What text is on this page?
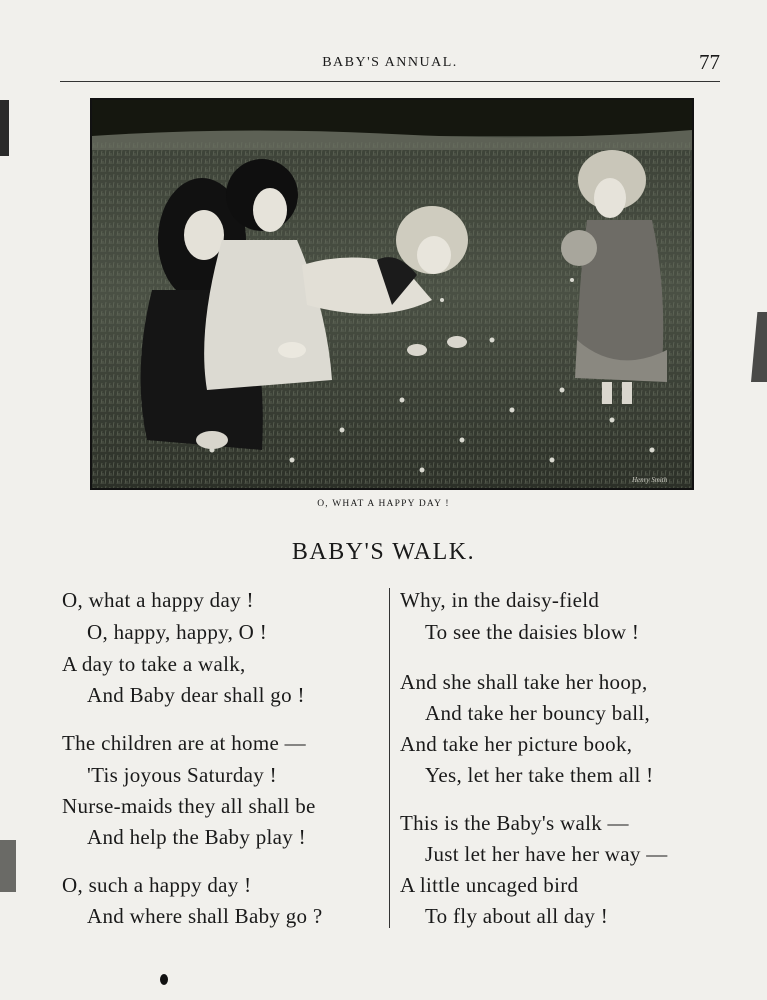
BABY'S ANNUAL.	77
Henry Smith
O, WHAT A HAPPY DAY !
BABY'S WALK.
O, what a happy day !
O, happy, happy, O !
A day to take a walk,
And Baby dear shall go !
The children are at home —
'Tis joyous Saturday !
Nurse-maids they all shall be
And help the Baby play !
O, such a happy day !
And where shall Baby go ?
Why, in the daisy-field
To see the daisies blow !
And she shall take her hoop,
And take her bouncy ball,
And take her picture book,
Yes, let her take them all !
This is the Baby's walk —
Just let her have her way —
A little uncaged bird
To fly about all day !
